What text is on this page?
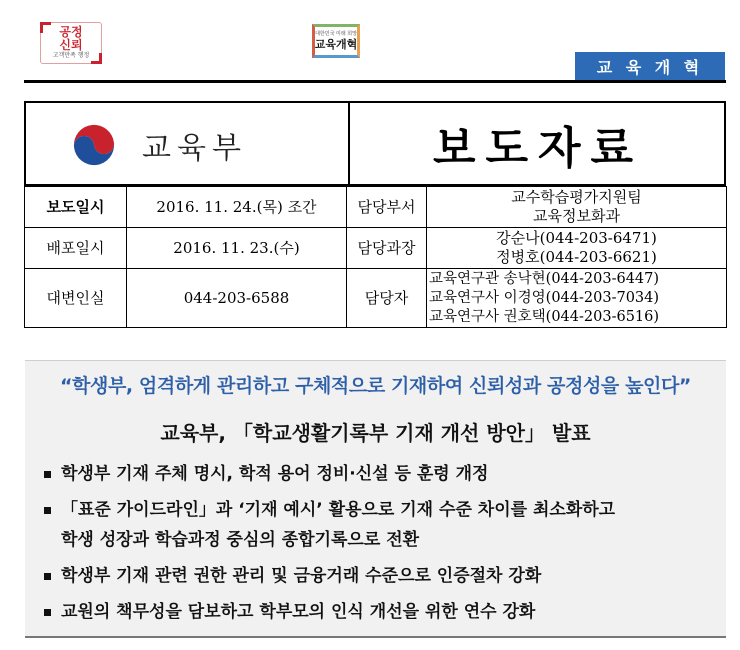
공정
신뢰
고객만족 행정
대한민국 미래 희망
교육개혁
교 육 개 혁
교육부	보도자료
보도일시	2016. 11. 24.(목) 조간	담당부서	교수학습평가지원팀
교육정보화과

배포일시	2016. 11. 23.(수)	담당과장	강순나(044-203-6471)
정병호(044-203-6621)

대변인실	044-203-6588	담당자	교육연구관 송낙현(044-203-6447)
교육연구사 이경영(044-203-7034)
교육연구사 권호택(044-203-6516)
“학생부, 엄격하게 관리하고 구체적으로 기재하여 신뢰성과 공정성을 높인다”
교육부, 「학교생활기록부 기재 개선 방안」 발표
학생부 기재 주체 명시, 학적 용어 정비·신설 등 훈령 개정
「표준 가이드라인」과 ‘기재 예시’ 활용으로 기재 수준 차이를 최소화하고
학생 성장과 학습과정 중심의 종합기록으로 전환
학생부 기재 관련 권한 관리 및 금융거래 수준으로 인증절차 강화
교원의 책무성을 담보하고 학부모의 인식 개선을 위한 연수 강화
